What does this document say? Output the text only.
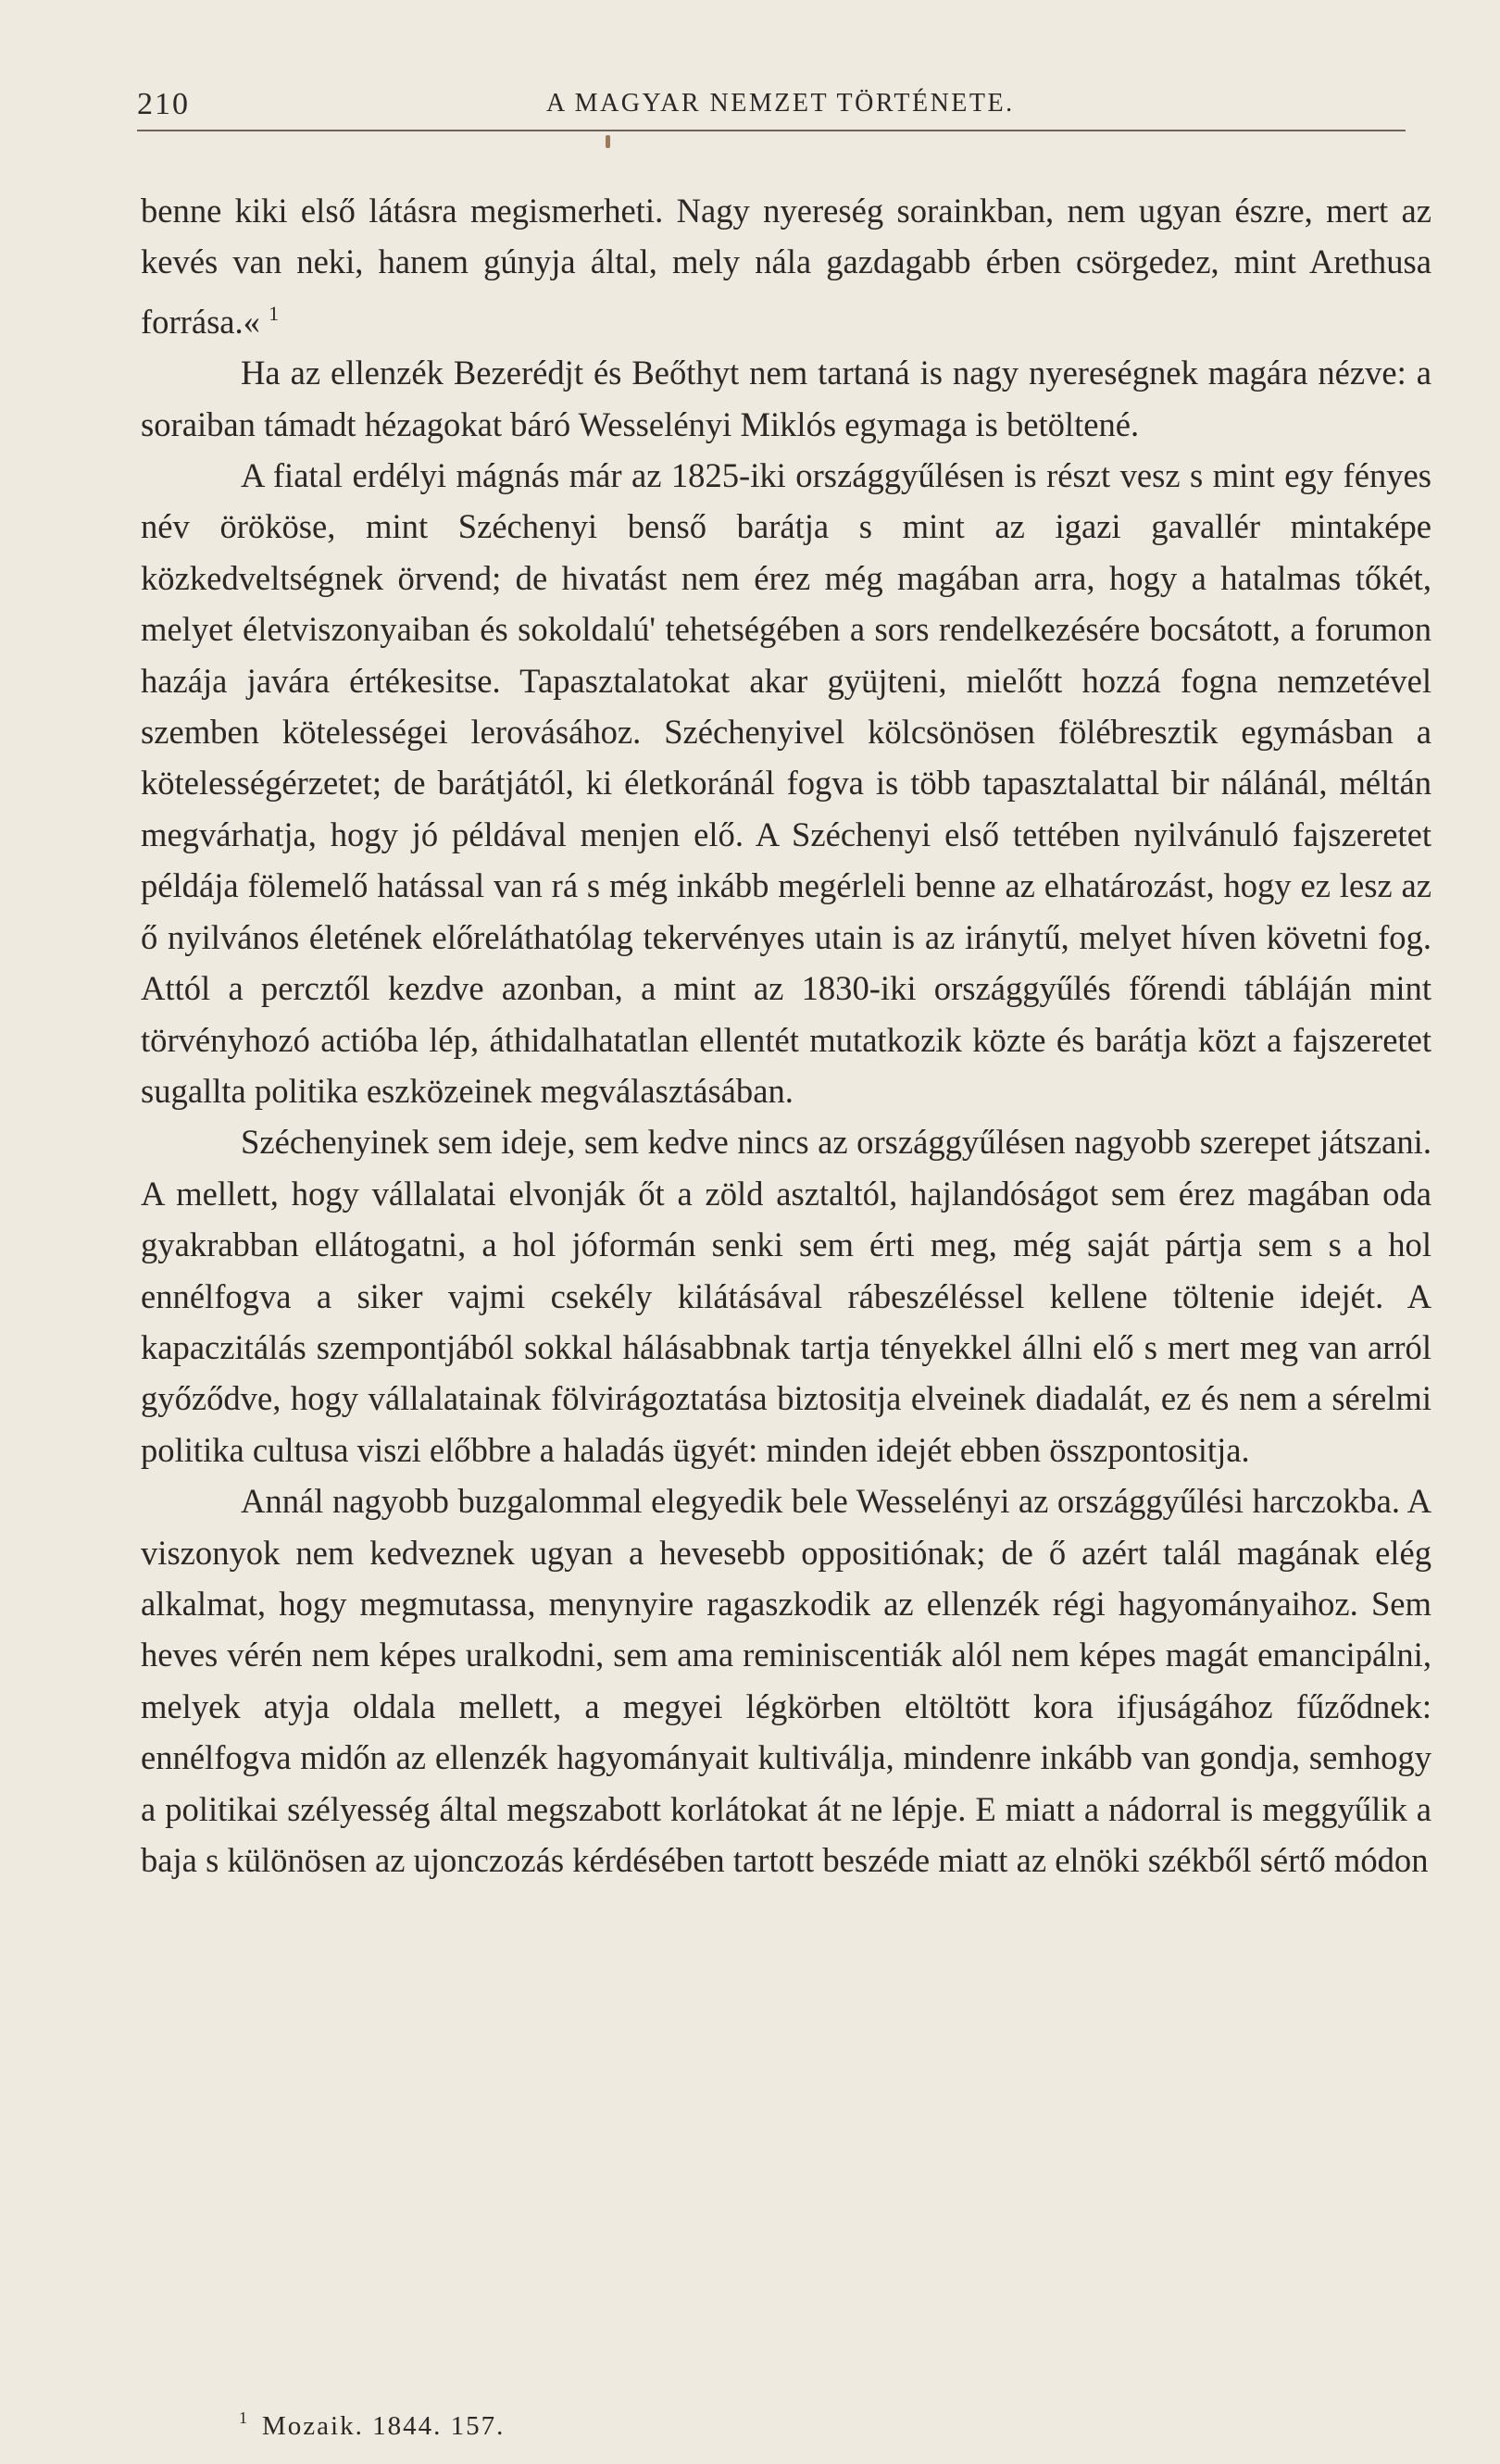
210	A MAGYAR NEMZET TÖRTÉNETE.

benne kiki első látásra megismerheti. Nagy nyereség sorainkban, nem ugyan észre, mert az kevés van neki, hanem gúnyja által, mely nála gazdagabb érben csörgedez, mint Arethusa forrása.« $^1$

Ha az ellenzék Bezerédjt és Beőthyt nem tartaná is nagy nyereségnek magára nézve: a soraiban támadt hézagokat báró Wesselényi Miklós egymaga is betöltené.

A fiatal erdélyi mágnás már az 1825-iki országgyűlésen is részt vesz s mint egy fényes név örököse, mint Széchenyi benső barátja s mint az igazi gavallér mintaképe közkedveltségnek örvend; de hivatást nem érez még magában arra, hogy a hatalmas tőkét, melyet életviszonyaiban és sokoldalú' tehetségében a sors rendelkezésére bocsátott, a forumon hazája javára értékesitse. Tapasztalatokat akar gyüjteni, mielőtt hozzá fogna nemzetével szemben kötelességei lerovásához. Széchenyivel kölcsönösen fölébresztik egymásban a kötelességérzetet; de barátjától, ki életkoránál fogva is több tapasztalattal bir nálánál, méltán megvárhatja, hogy jó példával menjen elő. A Széchenyi első tettében nyilvánuló fajszeretet példája fölemelő hatással van rá s még inkább megérleli benne az elhatározást, hogy ez lesz az ő nyilvános életének előreláthatólag tekervényes utain is az iránytű, melyet híven követni fog. Attól a percztől kezdve azonban, a mint az 1830-iki országgyűlés főrendi tábláján mint törvényhozó actióba lép, áthidalhatatlan ellentét mutatkozik közte és barátja közt a fajszeretet sugallta politika eszközeinek megválasztásában.

Széchenyinek sem ideje, sem kedve nincs az országgyűlésen nagyobb szerepet játszani. A mellett, hogy vállalatai elvonják őt a zöld asztaltól, hajlandóságot sem érez magában oda gyakrabban ellátogatni, a hol jóformán senki sem érti meg, még saját pártja sem s a hol ennélfogva a siker vajmi csekély kilátásával rábeszéléssel kellene töltenie idejét. A kapaczitálás szempontjából sokkal hálásabbnak tartja tényekkel állni elő s mert meg van arról győződve, hogy vállalatainak fölvirágoztatása biztositja elveinek diadalát, ez és nem a sérelmi politika cultusa viszi előbbre a haladás ügyét: minden idejét ebben összpontositja.

Annál nagyobb buzgalommal elegyedik bele Wesselényi az országgyűlési harczokba. A viszonyok nem kedveznek ugyan a hevesebb oppositiónak; de ő azért talál magának elég alkalmat, hogy megmutassa, menynyire ragaszkodik az ellenzék régi hagyományaihoz. Sem heves vérén nem képes uralkodni, sem ama reminiscentiák alól nem képes magát emancipálni, melyek atyja oldala mellett, a megyei légkörben eltöltött kora ifjuságához fűződnek: ennélfogva midőn az ellenzék hagyományait kultiválja, mindenre inkább van gondja, semhogy a politikai szélyesség által megszabott korlátokat át ne lépje. E miatt a nádorral is meggyűlik a baja s különösen az ujonczozás kérdésében tartott beszéde miatt az elnöki székből sértő módon

$^1$ Mozaik. 1844. 157.
